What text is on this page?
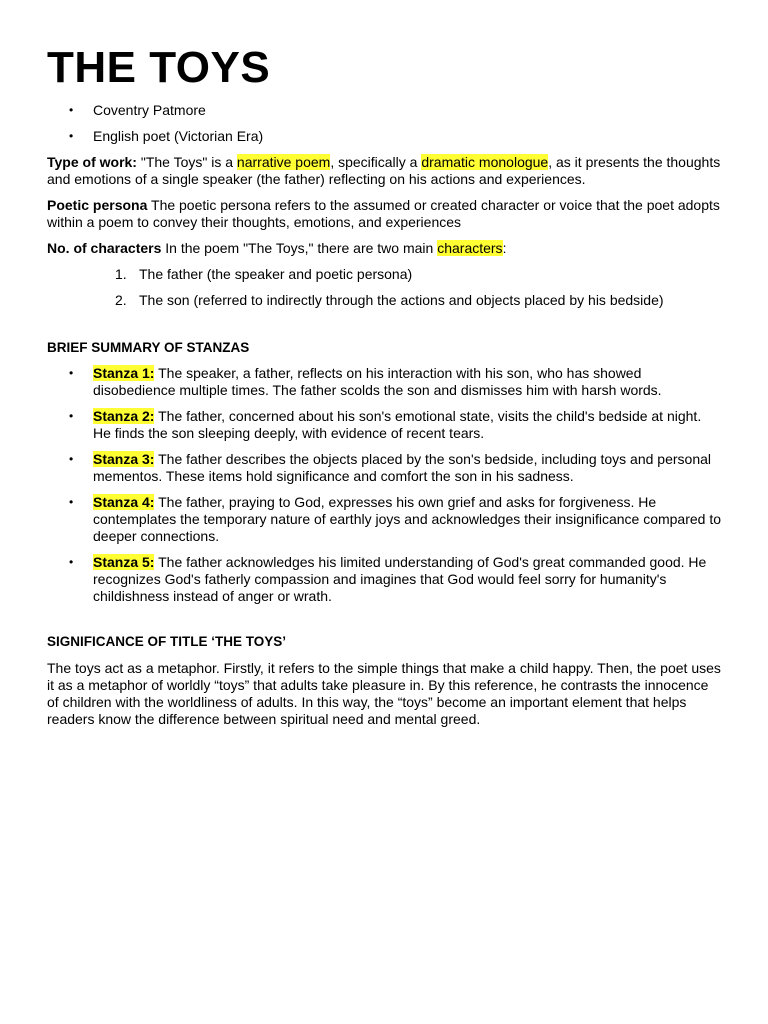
THE TOYS
• Coventry Patmore
• English poet (Victorian Era)

Type of work: "The Toys" is a narrative poem, specifically a dramatic monologue, as it presents the thoughts and emotions of a single speaker (the father) reflecting on his actions and experiences.

Poetic persona The poetic persona refers to the assumed or created character or voice that the poet adopts within a poem to convey their thoughts, emotions, and experiences

No. of characters In the poem "The Toys," there are two main characters:

1. The father (the speaker and poetic persona)
2. The son (referred to indirectly through the actions and objects placed by his bedside)
BRIEF SUMMARY OF STANZAS
• Stanza 1: The speaker, a father, reflects on his interaction with his son, who has showed disobedience multiple times. The father scolds the son and dismisses him with harsh words.
• Stanza 2: The father, concerned about his son's emotional state, visits the child's bedside at night. He finds the son sleeping deeply, with evidence of recent tears.
• Stanza 3: The father describes the objects placed by the son's bedside, including toys and personal mementos. These items hold significance and comfort the son in his sadness.
• Stanza 4: The father, praying to God, expresses his own grief and asks for forgiveness. He contemplates the temporary nature of earthly joys and acknowledges their insignificance compared to deeper connections.
• Stanza 5: The father acknowledges his limited understanding of God's great commanded good. He recognizes God's fatherly compassion and imagines that God would feel sorry for humanity's childishness instead of anger or wrath.
SIGNIFICANCE OF TITLE ‘THE TOYS’

The toys act as a metaphor. Firstly, it refers to the simple things that make a child happy. Then, the poet uses it as a metaphor of worldly “toys” that adults take pleasure in. By this reference, he contrasts the innocence of children with the worldliness of adults. In this way, the “toys” become an important element that helps readers know the difference between spiritual need and mental greed.
